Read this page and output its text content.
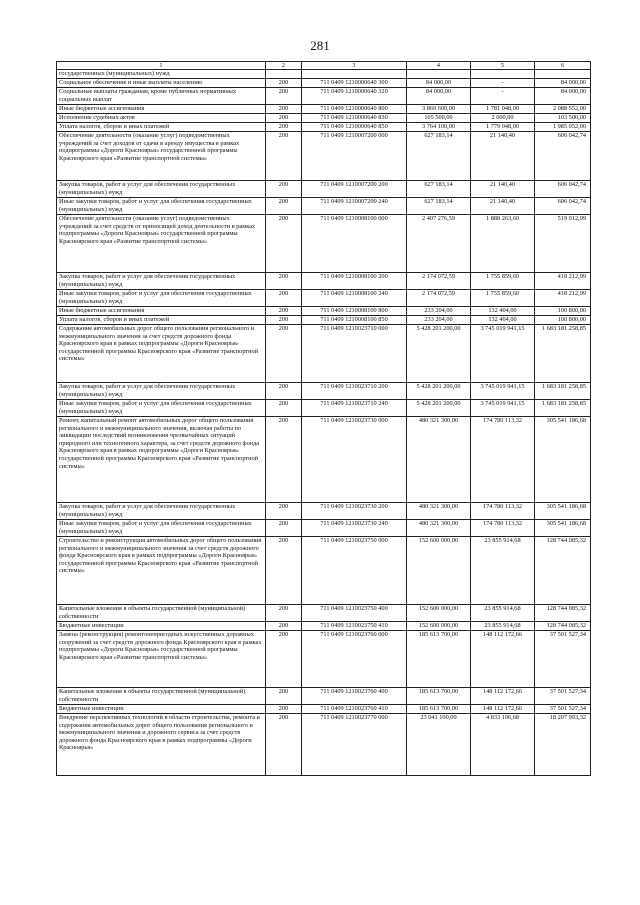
281
1	2	3	4	5	6
государственных (муниципальных) нужд					
Социальное обеспечение и иные выплаты населению	200	711 0409 1210000640 300	84 000,00	-	84 000,00
Социальные выплаты гражданам, кроме публичных нормативных социальных выплат	200	711 0409 1210000640 320	84 000,00	-	84 000,00
Иные бюджетные ассигнования	200	711 0409 1210000640 800	3 869 600,00	1 781 048,00	2 088 552,00
Исполнение судебных актов	200	711 0409 1210000640 830	105 500,00	2 000,00	103 500,00
Уплата налогов, сборов и иных платежей	200	711 0409 1210000640 850	3 764 100,00	1 779 048,00	1 985 052,00
Обеспечение деятельности (оказание услуг) подведомственных учреждений за счет доходов от сдачи в аренду имущества в рамках подпрограммы «Дороги Красноярья» государственной программы Красноярского края «Развитие транспортной системы»	200	711 0409 1210007200 000	627 183,14	21 140,40	606 042,74
Закупка товаров, работ и услуг для обеспечения государственных (муниципальных) нужд	200	711 0409 1210007200 200	627 183,14	21 140,40	606 042,74
Иные закупки товаров, работ и услуг для обеспечения государственных (муниципальных) нужд	200	711 0409 1210007200 240	627 183,14	21 140,40	606 042,74
Обеспечение деятельности (оказание услуг) подведомственных учреждений за счет средств от приносящей доход деятельности в рамках подпрограммы «Дороги Красноярья» государственной программы Красноярского края «Развитие транспортной системы»	200	711 0409 1210008100 000	2 407 276,59	1 888 263,60	519 012,99
Закупка товаров, работ и услуг для обеспечения государственных (муниципальных) нужд	200	711 0409 1210008100 200	2 174 072,59	1 755 859,60	418 212,99
Иные закупки товаров, работ и услуг для обеспечения государственных (муниципальных) нужд	200	711 0409 1210008100 240	2 174 072,59	1 755 859,60	418 212,99
Иные бюджетные ассигнования	200	711 0409 1210008100 800	233 204,00	132 404,00	100 800,00
Уплата налогов, сборов и иных платежей	200	711 0409 1210008100 850	233 204,00	132 404,00	100 800,00
Содержание автомобильных дорог общего пользования регионального и межмуниципального значения за счет средств дорожного фонда Красноярского края в рамках подпрограммы «Дороги Красноярья» государственной программы Красноярского края «Развитие транспортной системы»	200	711 0409 1210023710 000	5 428 201 200,00	3 745 019 941,15	1 683 181 258,85
Закупка товаров, работ и услуг для обеспечения государственных (муниципальных) нужд	200	711 0409 1210023710 200	5 428 201 200,00	3 745 019 941,15	1 683 181 258,85
Иные закупки товаров, работ и услуг для обеспечения государственных (муниципальных) нужд	200	711 0409 1210023710 240	5 428 201 200,00	3 745 019 941,15	1 683 181 258,85
Ремонт, капитальный ремонт автомобильных дорог общего пользования регионального и межмуниципального значения, включая работы по ликвидации последствий возникновения чрезвычайных ситуаций природного или техногенного характера, за счет средств дорожного фонда Красноярского края в рамках подпрограммы «Дороги Красноярья» государственной программы Красноярского края «Развитие транспортной системы»	200	711 0409 1210023730 000	480 321 300,00	174 780 113,32	305 541 186,68
Закупка товаров, работ и услуг для обеспечения государственных (муниципальных) нужд	200	711 0409 1210023730 200	480 321 300,00	174 780 113,32	305 541 186,68
Иные закупки товаров, работ и услуг для обеспечения государственных (муниципальных) нужд	200	711 0409 1210023730 240	480 321 300,00	174 780 113,32	305 541 186,68
Строительство и реконструкция автомобильных дорог общего пользования регионального и межмуниципального значения за счет средств дорожного фонда Красноярского края в рамках подпрограммы «Дороги Красноярья» государственной программы Красноярского края «Развитие транспортной системы»	200	711 0409 1210023750 000	152 600 000,00	23 855 914,68	128 744 085,32
Капитальные вложения в объекты государственной (муниципальной) собственности	200	711 0409 1210023750 400	152 600 000,00	23 855 914,68	128 744 085,32
Бюджетные инвестиции	200	711 0409 1210023750 410	152 600 000,00	23 855 914,68	128 744 085,32
Замена (реконструкция) ремонтонепригодных искусственных дорожных сооружений за счет средств дорожного фонда Красноярского края в рамках подпрограммы «Дороги Красноярья» государственной программы Красноярского края «Развитие транспортной системы»	200	711 0409 1210023760 000	185 613 700,00	148 112 172,66	37 501 527,34
Капитальные вложения в объекты государственной (муниципальной) собственности	200	711 0409 1210023760 400	185 613 700,00	148 112 172,66	37 501 527,34
Бюджетные инвестиции	200	711 0409 1210023760 410	185 613 700,00	148 112 172,66	37 501 527,34
Внедрение перспективных технологий в области строительства, ремонта и содержания автомобильных дорог общего пользования регионального и межмуниципального значения и дорожного сервиса за счет средств дорожного фонда Красноярского края в рамках подпрограммы «Дороги Красноярья»	200	711 0409 1210023770 000	23 041 100,00	4 833 106,68	18 207 993,32
